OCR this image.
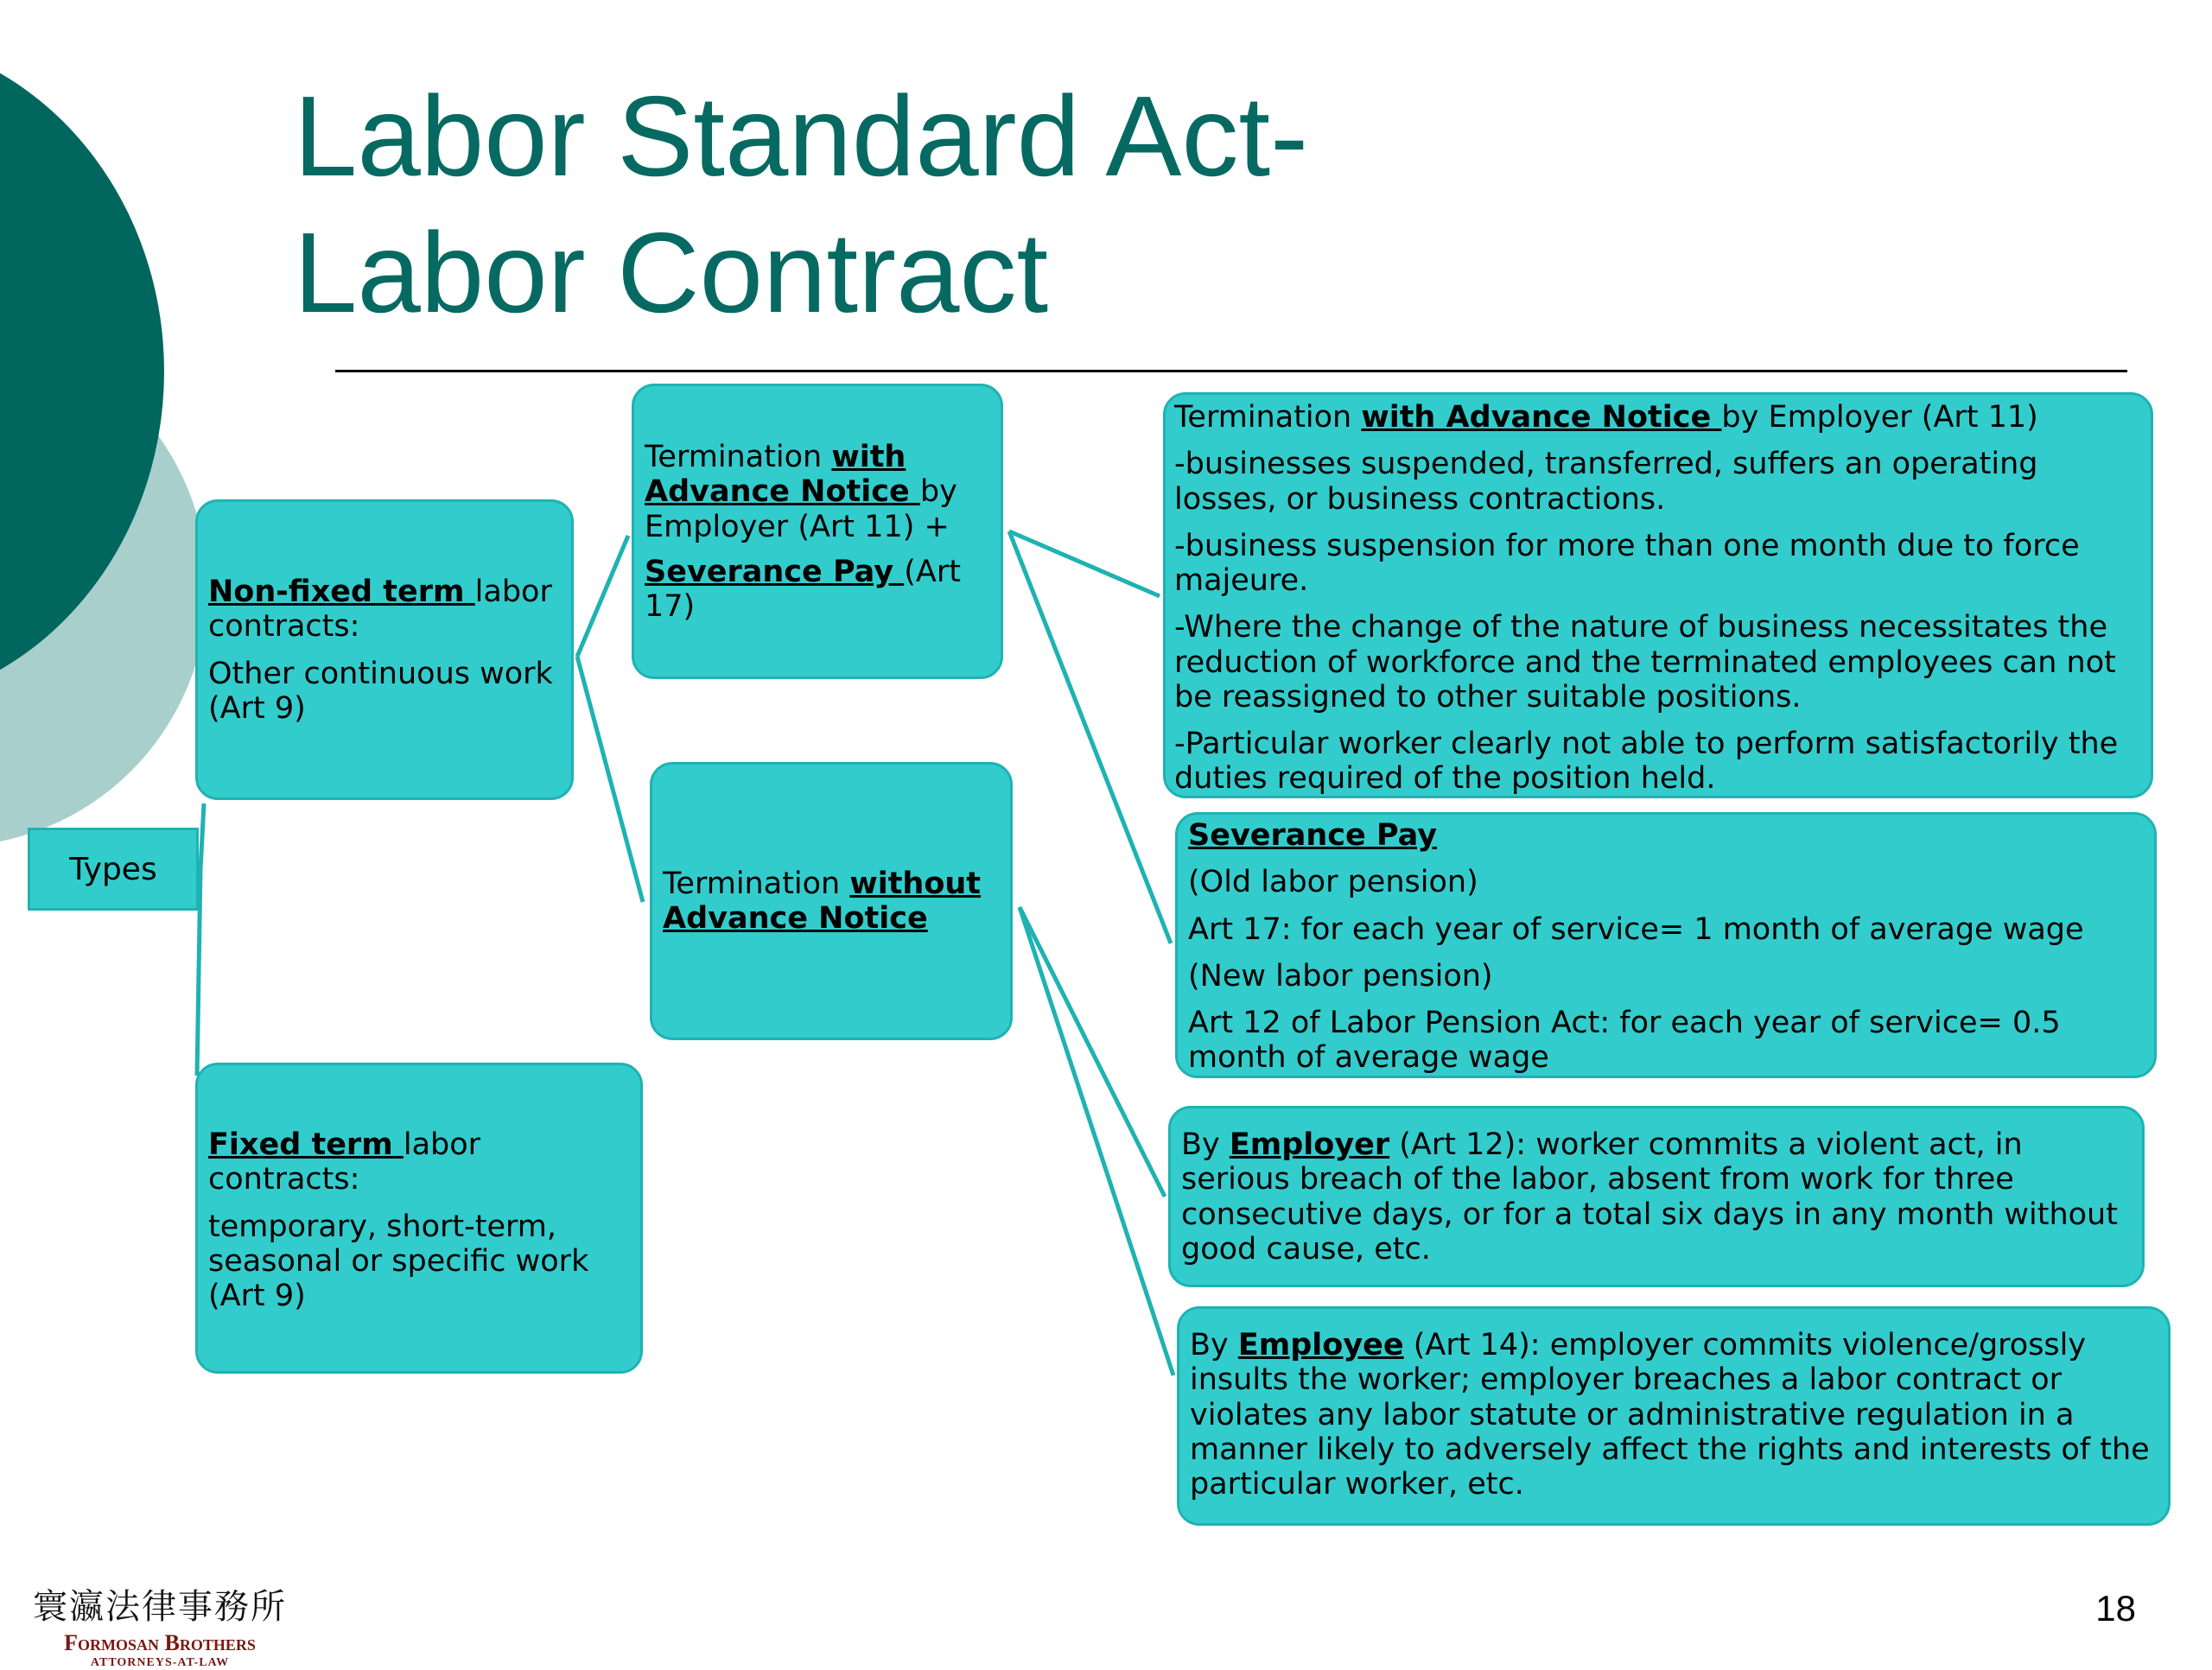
Labor Standard Act-
Labor Contract
Types

Non-fixed term labor contracts:

Other continuous work (Art 9)

Fixed term labor contracts:

temporary, short-term, seasonal or specific work (Art 9)

Termination with Advance Notice by Employer (Art 11) +

Severance Pay (Art 17)

Termination without Advance Notice

Termination with Advance Notice by Employer (Art 11)

-businesses suspended, transferred, suffers an operating losses, or business contractions.

-business suspension for more than one month due to force majeure.

-Where the change of the nature of business necessitates the reduction of workforce and the terminated employees can not be reassigned to other suitable positions.

-Particular worker clearly not able to perform satisfactorily the duties required of the position held.

Severance Pay

(Old labor pension)

Art 17: for each year of service= 1 month of average wage

(New labor pension)

Art 12 of Labor Pension Act: for each year of service= 0.5 month of average wage

By Employer (Art 12): worker commits a violent act, in serious breach of the labor, absent from work for three consecutive days, or for a total six days in any month without good cause, etc.

By Employee (Art 14): employer commits violence/grossly insults the worker; employer breaches a labor contract or violates any labor statute or administrative regulation in a manner likely to adversely affect the rights and interests of the particular worker, etc.

寰瀛法律事務所
Formosan Brothers
ATTORNEYS-AT-LAW
18
